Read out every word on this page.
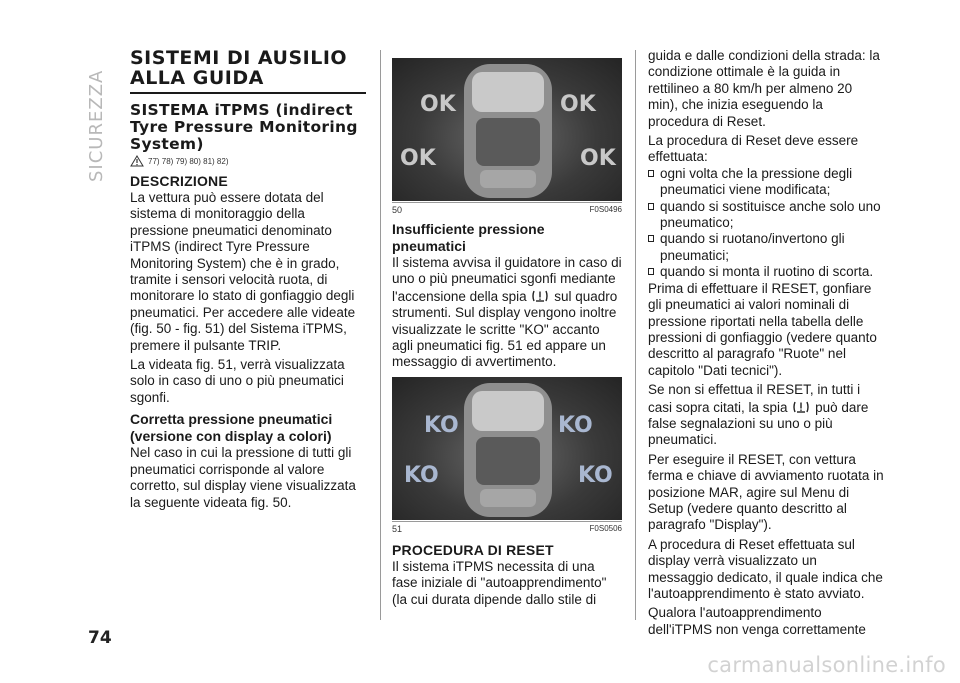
SICUREZZA
74
carmanualsonline.info
SISTEMI DI AUSILIO ALLA GUIDA
SISTEMA iTPMS (indirect Tyre Pressure Monitoring System)
77) 78) 79) 80) 81) 82)
DESCRIZIONE

La vettura può essere dotata del sistema di monitoraggio della pressione pneumatici denominato iTPMS (indirect Tyre Pressure Monitoring System) che è in grado, tramite i sensori velocità ruota, di monitorare lo stato di gonfiaggio degli pneumatici. Per accedere alle videate (fig. 50 - fig. 51) del Sistema iTPMS, premere il pulsante TRIP.

La videata fig. 51, verrà visualizzata solo in caso di uno o più pneumatici sgonfi.

Corretta pressione pneumatici (versione con display a colori)

Nel caso in cui la pressione di tutti gli pneumatici corrisponde al valore corretto, sul display viene visualizzata la seguente videata fig. 50.

OK	OK
OK	OK
50	F0S0496
Insufficiente pressione pneumatici

Il sistema avvisa il guidatore in caso di uno o più pneumatici sgonfi mediante l'accensione della spia sul quadro strumenti. Sul display vengono inoltre visualizzate le scritte "KO" accanto agli pneumatici fig. 51 ed appare un messaggio di avvertimento.

KO	KO
KO	KO
51	F0S0506
PROCEDURA DI RESET

Il sistema iTPMS necessita di una fase iniziale di "autoapprendimento" (la cui durata dipende dallo stile di

guida e dalle condizioni della strada: la condizione ottimale è la guida in rettilineo a 80 km/h per almeno 20 min), che inizia eseguendo la procedura di Reset.

La procedura di Reset deve essere effettuata:

ogni volta che la pressione degli pneumatici viene modificata;
quando si sostituisce anche solo uno pneumatico;
quando si ruotano/invertono gli pneumatici;
quando si monta il ruotino di scorta.

Prima di effettuare il RESET, gonfiare gli pneumatici ai valori nominali di pressione riportati nella tabella delle pressioni di gonfiaggio (vedere quanto descritto al paragrafo "Ruote" nel capitolo "Dati tecnici").

Se non si effettua il RESET, in tutti i casi sopra citati, la spia può dare false segnalazioni su uno o più pneumatici.

Per eseguire il RESET, con vettura ferma e chiave di avviamento ruotata in posizione MAR, agire sul Menu di Setup (vedere quanto descritto al paragrafo "Display").

A procedura di Reset effettuata sul display verrà visualizzato un messaggio dedicato, il quale indica che l'autoapprendimento è stato avviato.

Qualora l'autoapprendimento dell'iTPMS non venga correttamente
